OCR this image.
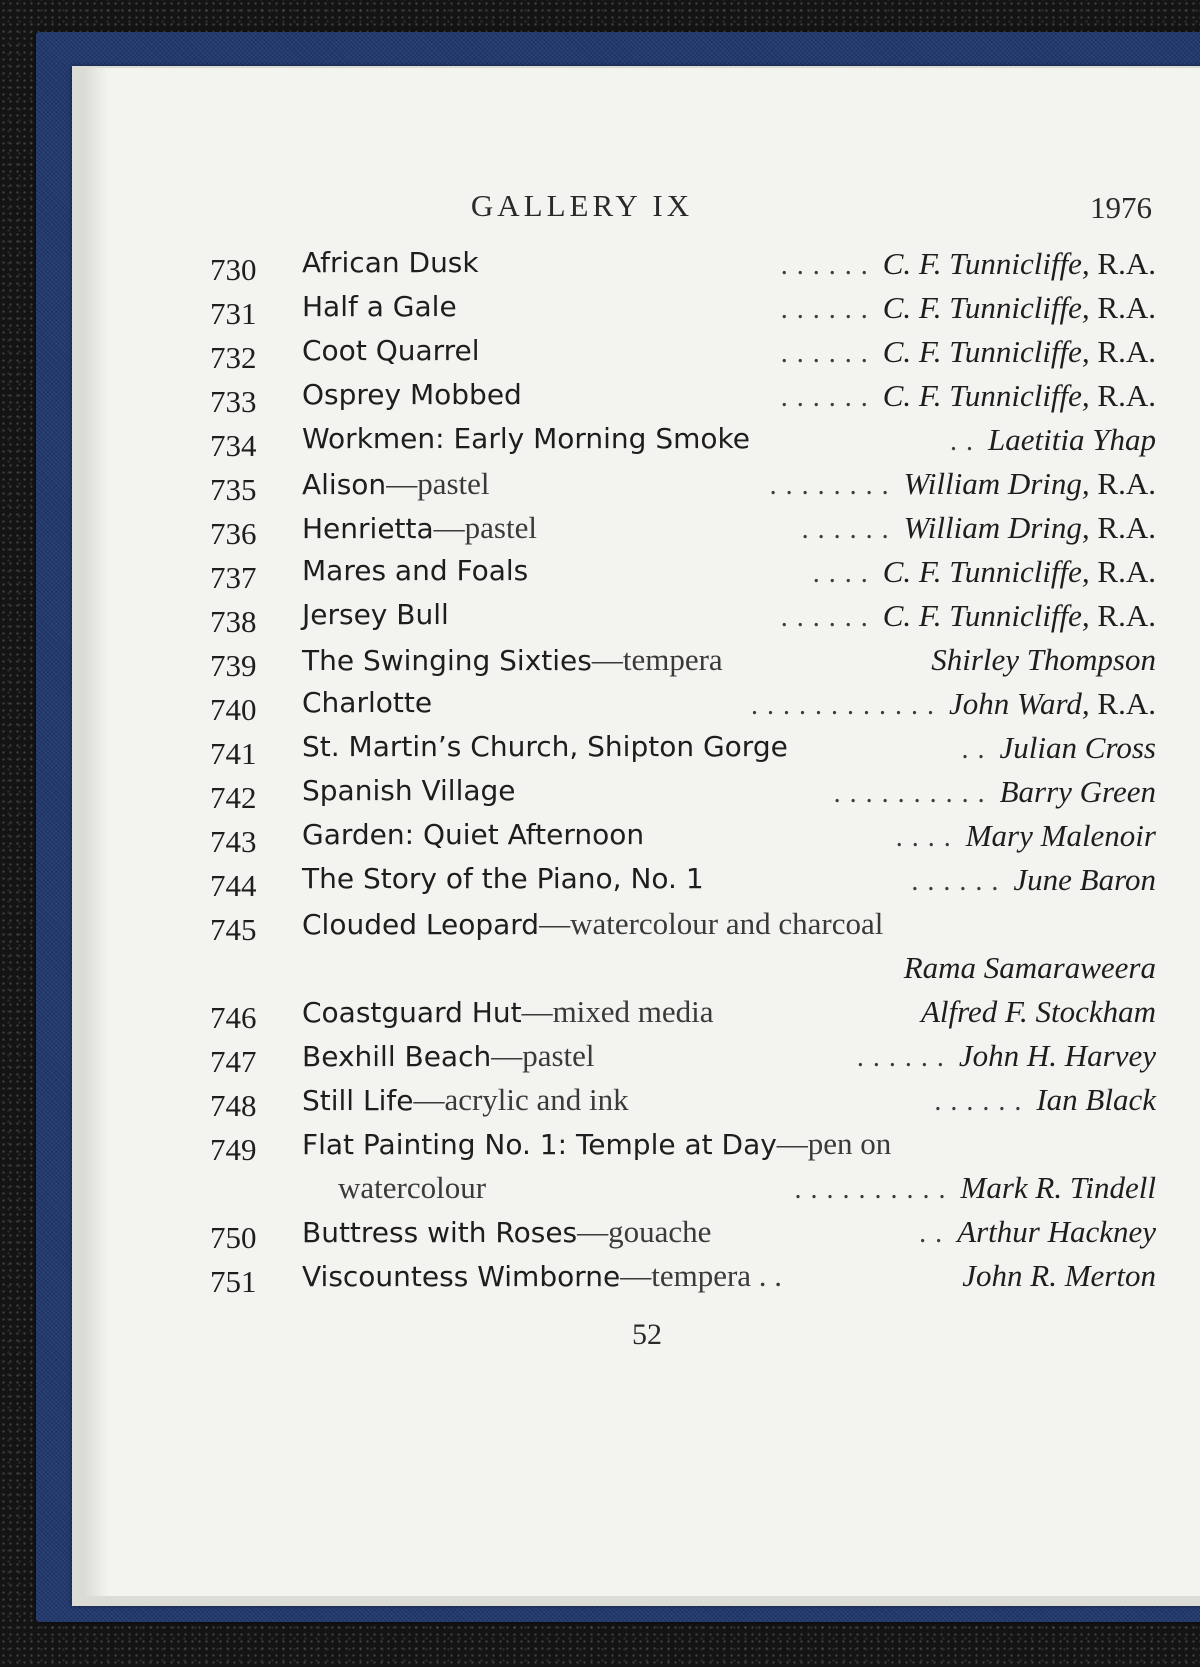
GALLERY IX	1976
730 African Dusk	. . . . . . C. F. Tunnicliffe, R.A.
731 Half a Gale	. . . . . . C. F. Tunnicliffe, R.A.
732 Coot Quarrel	. . . . . . C. F. Tunnicliffe, R.A.
733 Osprey Mobbed	. . . . . . C. F. Tunnicliffe, R.A.
734 Workmen: Early Morning Smoke	. . Laetitia Yhap
735 Alison—pastel	. . . . . . . . William Dring, R.A.
736 Henrietta—pastel	. . . . . . William Dring, R.A.
737 Mares and Foals	. . . . C. F. Tunnicliffe, R.A.
738 Jersey Bull	. . . . . . C. F. Tunnicliffe, R.A.
739 The Swinging Sixties—tempera	Shirley Thompson
740 Charlotte	. . . . . . . . . . . . John Ward, R.A.
741 St. Martin’s Church, Shipton Gorge	. . Julian Cross
742 Spanish Village	. . . . . . . . . . Barry Green
743 Garden: Quiet Afternoon	. . . . Mary Malenoir
744 The Story of the Piano, No. 1	. . . . . . June Baron
745 Clouded Leopard—watercolour and charcoal
Rama Samaraweera
746 Coastguard Hut—mixed media	Alfred F. Stockham
747 Bexhill Beach—pastel	. . . . . . John H. Harvey
748 Still Life—acrylic and ink	. . . . . . Ian Black
749 Flat Painting No. 1: Temple at Day—pen on
watercolour	. . . . . . . . . . Mark R. Tindell
750 Buttress with Roses—gouache	. . Arthur Hackney
751 Viscountess Wimborne—tempera . .	John R. Merton
52
